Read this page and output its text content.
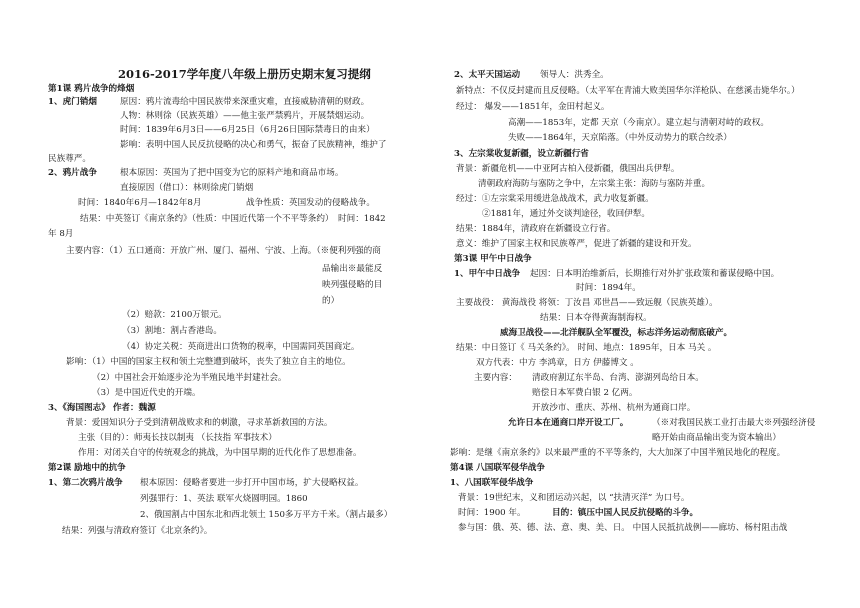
2016-2017学年度八年级上册历史期末复习提纲
第1课 鸦片战争的烽烟
1、虎门销烟	原因：鸦片流毒给中国民族带来深重灾难，直接威胁清朝的财政。
人物：林则徐（民族英雄）——他主张严禁鸦片，开展禁烟运动。
时间：1839年6月3日——6月25日（6月26日国际禁毒日的由来）
影响：表明中国人民反抗侵略的决心和勇气，振奋了民族精神，维护了
民族尊严。
2、鸦片战争	根本原因：英国为了把中国变为它的原料产地和商品市场。
直接原因（借口）：林则徐虎门销烟
时间：1840年6月—1842年8月	战争性质：英国发动的侵略战争。
结果：中英签订《南京条约》（性质：中国近代第一个不平等条约） 时间：1842
年 8月
主要内容：（1）五口通商：开放广州、厦门、福州、宁波、上海。（※便利列强的商
品输出※最能反
映列强侵略的目
的）
（2）赔款：2100万银元。
（3）割地：割占香港岛。
（4）协定关税：英商进出口货物的税率，中国需同英国商定。
影响：（1）中国的国家主权和领土完整遭到破坏，丧失了独立自主的地位。
（2）中国社会开始逐步沦为半殖民地半封建社会。
（3）是中国近代史的开端。
3、《海国图志》 作者：魏源
背景：爱国知识分子受到清朝战败求和的刺激，寻求革新救国的方法。
主张（目的）：师夷长技以制夷 （长技指 军事技术）
作用：对闭关自守的传统观念的挑战，为中国早期的近代化作了思想准备。
第2课 励地中的抗争
1、第二次鸦片战争 根本原因：侵略者要进一步打开中国市场，扩大侵略权益。
列强罪行：1、英法 联军火烧圆明园。1860
2、俄国割占中国东北和西北领土 150多万平方千米。（割占最多）
结果：列强与清政府签订《北京条约》。
2、太平天国运动 领导人：洪秀全。
新特点：不仅反封建而且反侵略。（太平军在青浦大败美国华尔洋枪队、在慈溪击毙华尔。）
经过： 爆发——1851年，金田村起义。
高潮——1853年，定都 天京（今南京）。建立起与清朝对峙的政权。
失败——1864年，天京陷落。（中外反动势力的联合绞杀）
3、左宗棠收复新疆，设立新疆行省
背景：新疆危机——中亚阿古柏入侵新疆，俄国出兵伊犁。
清朝政府海防与塞防之争中，左宗棠主张：海防与塞防并重。
经过：①左宗棠采用缓进急战战术，武力收复新疆。
②1881年，通过外交谈判途径，收回伊犁。
结果：1884年，清政府在新疆设立行省。
意义：维护了国家主权和民族尊严，促进了新疆的建设和开发。
第3课 甲午中日战争
1、甲午中日战争 起因：日本明治维新后，长期推行对外扩张政策和蓄谋侵略中国。
时间：1894年。
主要战役： 黄海战役 将领：丁汝昌 邓世昌——致远舰（民族英雄）。
结果：日本夺得黄海制海权。
威海卫战役——北洋舰队全军覆没，标志洋务运动彻底破产。
结果：中日签订《 马关条约》。 时间、地点：1895年，日本 马关 。
双方代表：中方 李鸿章，日方 伊藤博文 。
主要内容： 清政府割辽东半岛、台湾、澎湖列岛给日本。
赔偿日本军费白银 2 亿两。
开放沙市、重庆、苏州、杭州为通商口岸。
允许日本在通商口岸开设工厂。	（※对我国民族工业打击最大※列强经济侵
略开始由商品输出变为资本输出）
影响：是继《南京条约》以来最严重的不平等条约，大大加深了中国半殖民地化的程度。
第4课 八国联军侵华战争
1、八国联军侵华战争
背景：19世纪末，义和团运动兴起，以 “扶清灭洋” 为口号。
时间：1900 年。	目的：镇压中国人民反抗侵略的斗争。
参与国：俄、英、德、法、意、奥、美、日。 中国人民抵抗战例——廊坊、杨村阻击战
